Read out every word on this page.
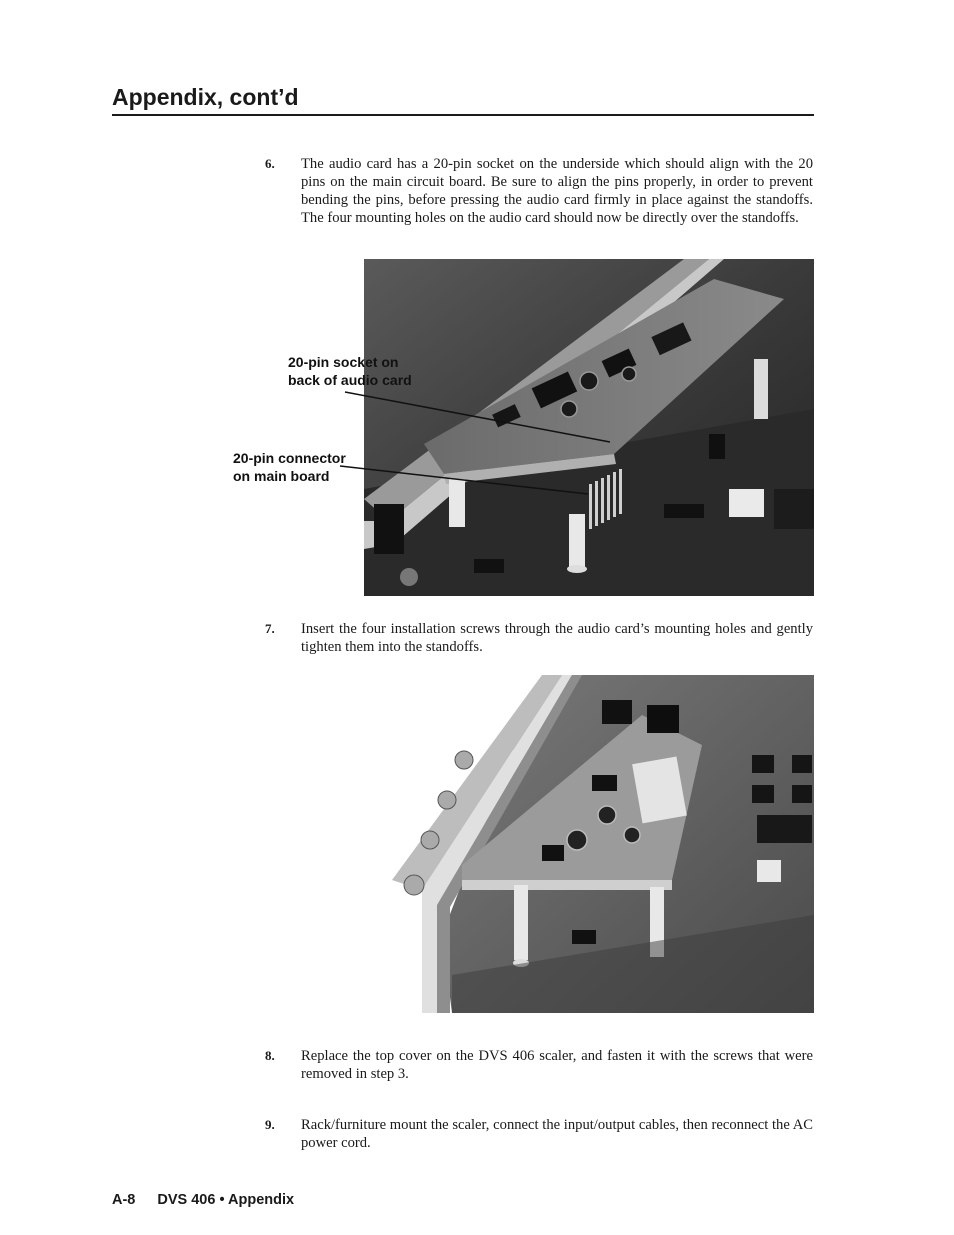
Appendix, cont’d
6. The audio card has a 20-pin socket on the underside which should align with the 20 pins on the main circuit board. Be sure to align the pins properly, in order to prevent bending the pins, before pressing the audio card firmly in place against the standoffs. The four mounting holes on the audio card should now be directly over the standoffs.
20-pin socket on
back of audio card
20-pin connector
on main board
7. Insert the four installation screws through the audio card’s mounting holes and gently tighten them into the standoffs.
8. Replace the top cover on the DVS 406 scaler, and fasten it with the screws that were removed in step 3.
9. Rack/furniture mount the scaler, connect the input/output cables, then reconnect the AC power cord.
A-8 DVS 406 • Appendix
